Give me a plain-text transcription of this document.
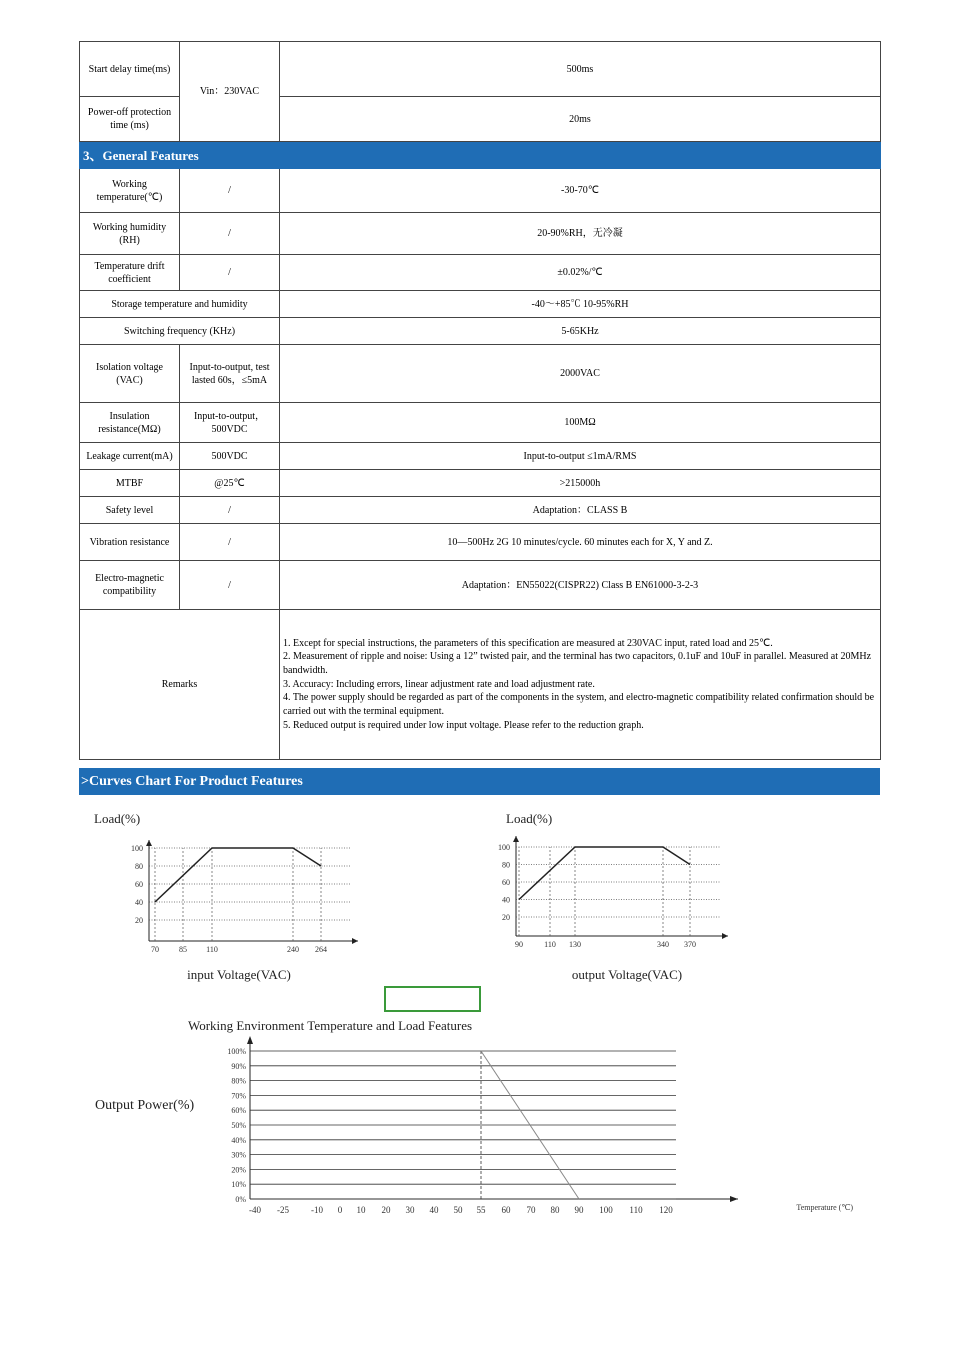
Start delay time(ms)	Vin：230VAC	500ms
Power-off protection time (ms)		20ms
3、General Features		
Working temperature(℃)	/	-30-70℃
Working humidity (RH)	/	20-90%RH，无冷凝
Temperature drift coefficient	/	±0.02%/℃
Storage temperature and humidity		-40～+85℃ 10-95%RH
Switching frequency (KHz)		5-65KHz
Isolation voltage (VAC)	Input-to-output, test lasted 60s，≤5mA	2000VAC
Insulation resistance(MΩ)	Input-to-output，500VDC	100MΩ
Leakage current(mA)	500VDC	Input-to-output ≤1mA/RMS
MTBF	@25℃	>215000h
Safety level	/	Adaptation：CLASS B
Vibration resistance	/	10—500Hz 2G 10 minutes/cycle. 60 minutes each for X, Y and Z.
Electro-magnetic compatibility	/	Adaptation：EN55022(CISPR22) Class B EN61000-3-2-3
Remarks		1. Except for special instructions, the parameters of this specification are measured at 230VAC input, rated load and 25℃.
2. Measurement of ripple and noise: Using a 12” twisted pair, and the terminal has two capacitors, 0.1uF and 10uF in parallel. Measured at 20MHz bandwidth.
3. Accuracy: Including errors, linear adjustment rate and load adjustment rate.
4. The power supply should be regarded as part of the components in the system, and electro-magnetic compatibility related confirmation should be carried out with the terminal equipment.
5. Reduced output is required under low input voltage. Please refer to the reduction graph.
>Curves Chart For Product Features
20
40
60
80
100
70	85 110	240 264
Load(%)
input Voltage(VAC)
20
40
60
80
100
90	110 130	340 370
Load(%)
output Voltage(VAC)
Working Environment Temperature and Load Features
Output Power(%)
Temperature (℃)
100%
90%
80%
70%
60%
50%
40%
30%
20%
10%
0%
-40 -25 -10 0 10 20 30 40 50 55 60 70 80 90 100 110 120
